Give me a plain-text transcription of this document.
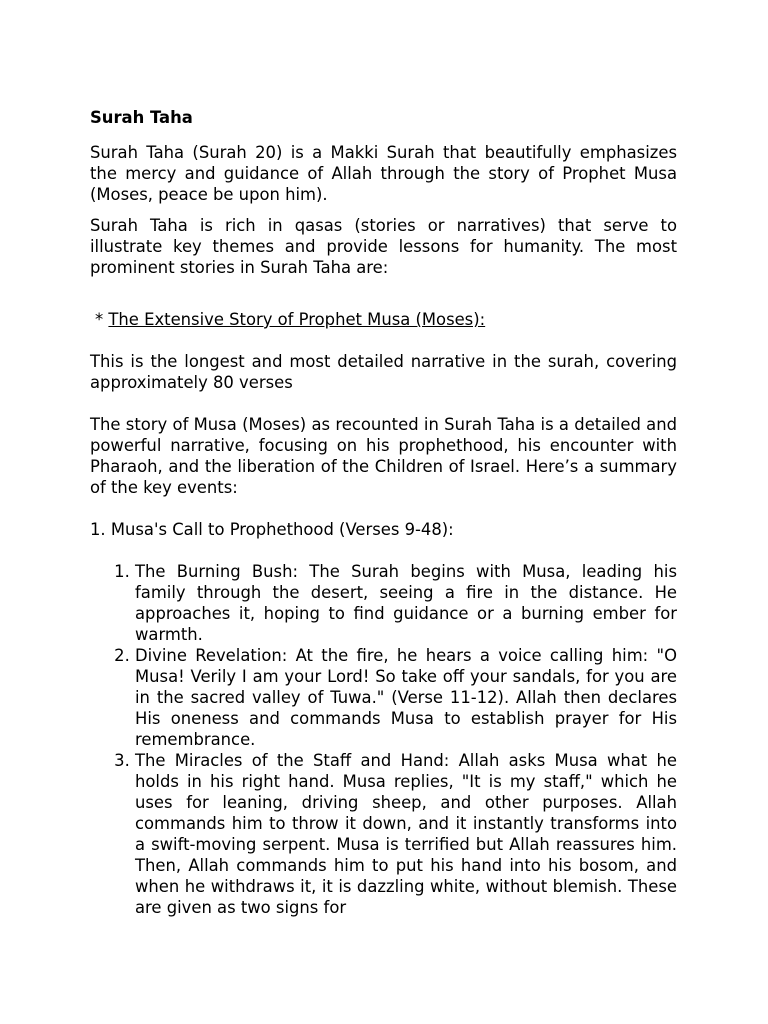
Surah Taha

Surah Taha (Surah 20) is a Makki Surah that beautifully emphasizes the mercy and guidance of Allah through the story of Prophet Musa (Moses, peace be upon him).

Surah Taha is rich in qasas (stories or narratives) that serve to illustrate key themes and provide lessons for humanity. The most prominent stories in Surah Taha are:

* The Extensive Story of Prophet Musa (Moses):

This is the longest and most detailed narrative in the surah, covering approximately 80 verses

The story of Musa (Moses) as recounted in Surah Taha is a detailed and powerful narrative, focusing on his prophethood, his encounter with Pharaoh, and the liberation of the Children of Israel. Here’s a summary of the key events:

1. Musa's Call to Prophethood (Verses 9-48):
1. The Burning Bush: The Surah begins with Musa, leading his family through the desert, seeing a fire in the distance. He approaches it, hoping to find guidance or a burning ember for warmth.
2. Divine Revelation: At the fire, he hears a voice calling him: "O Musa! Verily I am your Lord! So take off your sandals, for you are in the sacred valley of Tuwa." (Verse 11-12). Allah then declares His oneness and commands Musa to establish prayer for His remembrance.
3. The Miracles of the Staff and Hand: Allah asks Musa what he holds in his right hand. Musa replies, "It is my staff," which he uses for leaning, driving sheep, and other purposes. Allah commands him to throw it down, and it instantly transforms into a swift-moving serpent. Musa is terrified but Allah reassures him. Then, Allah commands him to put his hand into his bosom, and when he withdraws it, it is dazzling white, without blemish. These are given as two signs for
